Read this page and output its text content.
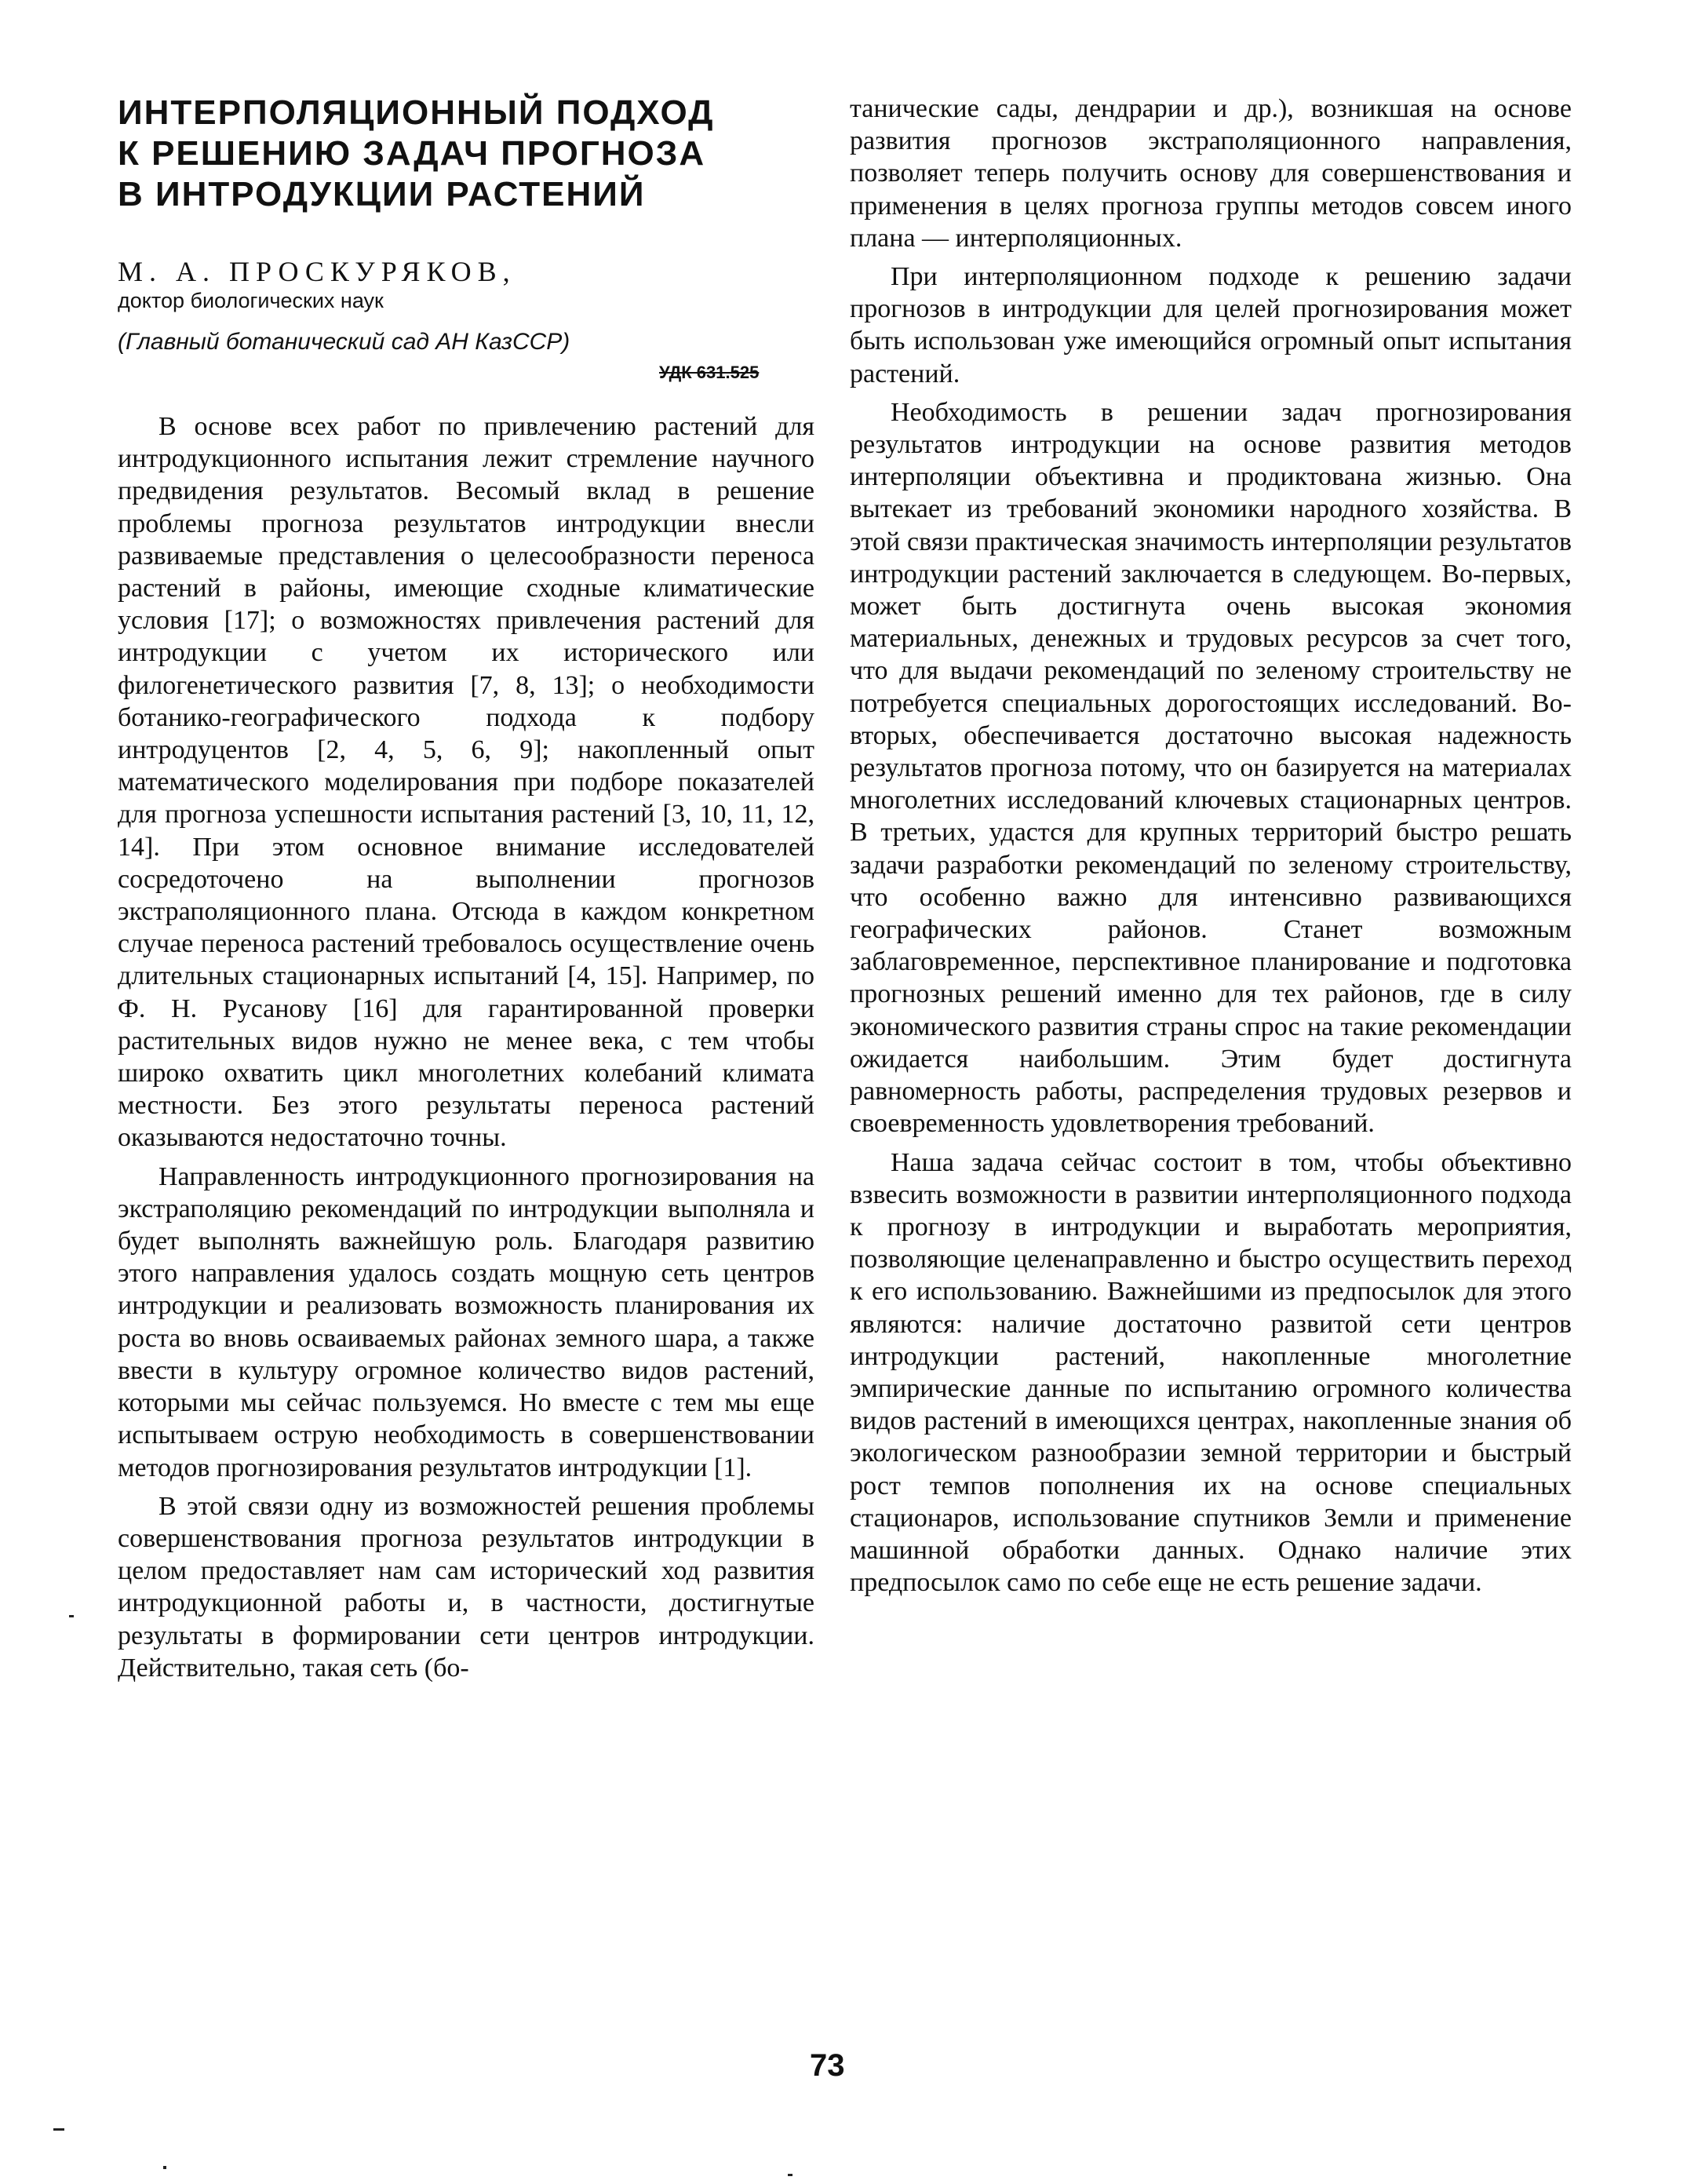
ИНТЕРПОЛЯЦИОННЫЙ ПОДХОД
К РЕШЕНИЮ ЗАДАЧ ПРОГНОЗА
В ИНТРОДУКЦИИ РАСТЕНИЙ
М. А. ПРОСКУРЯКОВ,
доктор биологических наук
(Главный ботанический сад АН КазССР)

В основе всех работ по привлечению растений для интродукционного испытания лежит стремление научного предвидения результатов. Весомый вклад в решение проблемы прогноза результатов интродукции внесли развиваемые представления о целесообразности переноса растений в районы, имеющие сходные климатические условия [17]; о возможностях привлечения растений для интродукции с учетом их исторического или филогенетического развития [7, 8, 13]; о необходимости ботанико-географического подхода к подбору интродуцентов [2, 4, 5, 6, 9]; накопленный опыт математического моделирования при подборе показателей для прогноза успешности испытания растений [3, 10, 11, 12, 14]. При этом основное внимание исследователей сосредоточено на выполнении прогнозов экстраполяционного плана. Отсюда в каждом конкретном случае переноса растений требовалось осуществление очень длительных стационарных испытаний [4, 15]. Например, по Ф. Н. Русанову [16] для гарантированной проверки растительных видов нужно не менее века, с тем чтобы широко охватить цикл многолетних колебаний климата местности. Без этого результаты переноса растений оказываются недостаточно точны.

Направленность интродукционного прогнозирования на экстраполяцию рекомендаций по интродукции выполняла и будет выполнять важнейшую роль. Благодаря развитию этого направления удалось создать мощную сеть центров интродукции и реализовать возможность планирования их роста во вновь осваиваемых районах земного шара, а также ввести в культуру огромное количество видов растений, которыми мы сейчас пользуемся. Но вместе с тем мы еще испытываем острую необходимость в совершенствовании методов прогнозирования результатов интродукции [1].

В этой связи одну из возможностей решения проблемы совершенствования прогноза результатов интродукции в целом предоставляет нам сам исторический ход развития интродукционной работы и, в частности, достигнутые результаты в формировании сети центров интродукции. Действительно, такая сеть (бо-

УДК 631.525

танические сады, дендрарии и др.), возникшая на основе развития прогнозов экстраполяционного направления, позволяет теперь получить основу для совершенствования и применения в целях прогноза группы методов совсем иного плана — интерполяционных.

При интерполяционном подходе к решению задачи прогнозов в интродукции для целей прогнозирования может быть использован уже имеющийся огромный опыт испытания растений.

Необходимость в решении задач прогнозирования результатов интродукции на основе развития методов интерполяции объективна и продиктована жизнью. Она вытекает из требований экономики народного хозяйства. В этой связи практическая значимость интерполяции результатов интродукции растений заключается в следующем. Во-первых, может быть достигнута очень высокая экономия материальных, денежных и трудовых ресурсов за счет того, что для выдачи рекомендаций по зеленому строительству не потребуется специальных дорогостоящих исследований. Во-вторых, обеспечивается достаточно высокая надежность результатов прогноза потому, что он базируется на материалах многолетних исследований ключевых стационарных центров. В третьих, удастся для крупных территорий быстро решать задачи разработки рекомендаций по зеленому строительству, что особенно важно для интенсивно развивающихся географических районов. Станет возможным заблаговременное, перспективное планирование и подготовка прогнозных решений именно для тех районов, где в силу экономического развития страны спрос на такие рекомендации ожидается наибольшим. Этим будет достигнута равномерность работы, распределения трудовых резервов и своевременность удовлетворения требований.

Наша задача сейчас состоит в том, чтобы объективно взвесить возможности в развитии интерполяционного подхода к прогнозу в интродукции и выработать мероприятия, позволяющие целенаправленно и быстро осуществить переход к его использованию. Важнейшими из предпосылок для этого являются: наличие достаточно развитой сети центров интродукции растений, накопленные многолетние эмпирические данные по испытанию огромного количества видов растений в имеющихся центрах, накопленные знания об экологическом разнообразии земной территории и быстрый рост темпов пополнения их на основе специальных стационаров, использование спутников Земли и применение машинной обработки данных. Однако наличие этих предпосылок само по себе еще не есть решение задачи.

73
